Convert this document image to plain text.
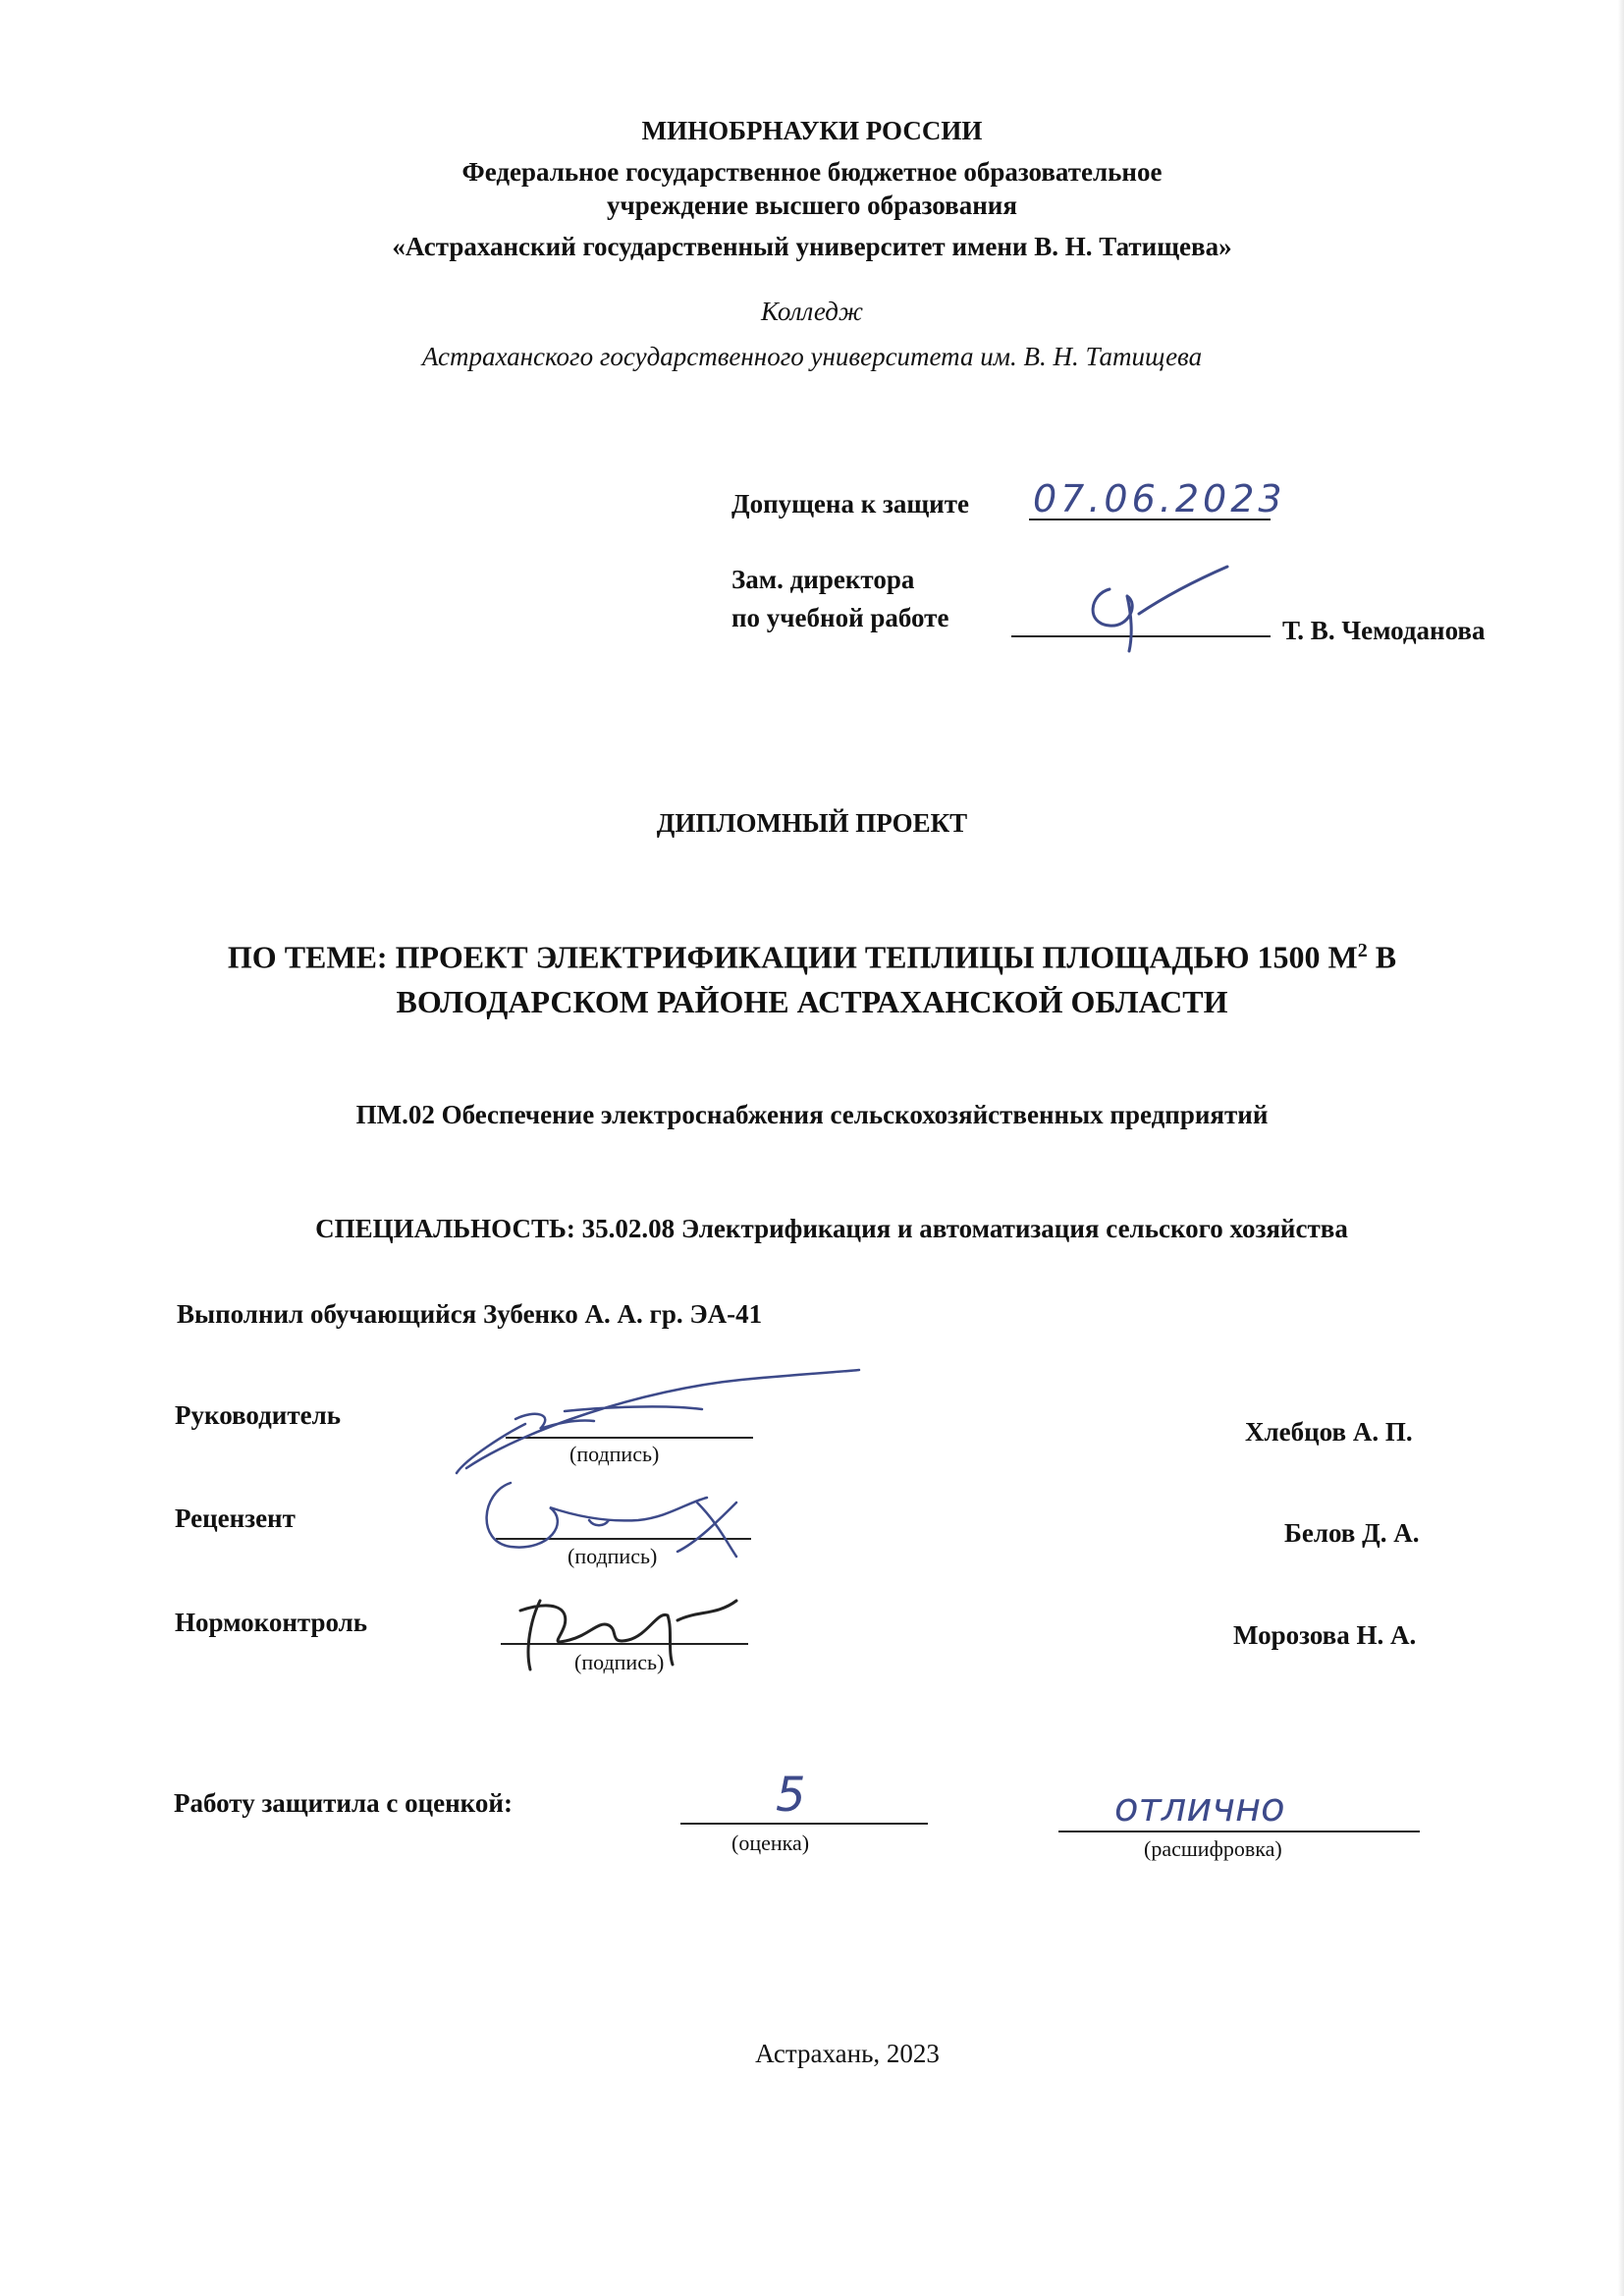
МИНОБРНАУКИ РОССИИ
Федеральное государственное бюджетное образовательное
учреждение высшего образования
«Астраханский государственный университет имени В. Н. Татищева»
Колледж
Астраханского государственного университета им. В. Н. Татищева
Допущена к защите 07.06.2023
Зам. директора
по учебной работе	Т. В. Чемоданова
ДИПЛОМНЫЙ ПРОЕКТ
ПО ТЕМЕ: ПРОЕКТ ЭЛЕКТРИФИКАЦИИ ТЕПЛИЦЫ ПЛОЩАДЬЮ 1500 $М^2$ В
ВОЛОДАРСКОМ РАЙОНЕ АСТРАХАНСКОЙ ОБЛАСТИ
ПМ.02 Обеспечение электроснабжения сельскохозяйственных предприятий
СПЕЦИАЛЬНОСТЬ: 35.02.08 Электрификация и автоматизация сельского хозяйства
Выполнил обучающийся Зубенко А. А. гр. ЭА-41
Руководитель
(подпись)
Хлебцов А. П.
Рецензент
(подпись)
Белов Д. А.
Нормоконтроль
(подпись)
Морозова Н. А.
Работу защитила с оценкой:	5
(оценка)
отлично
(расшифровка)
Астрахань, 2023
